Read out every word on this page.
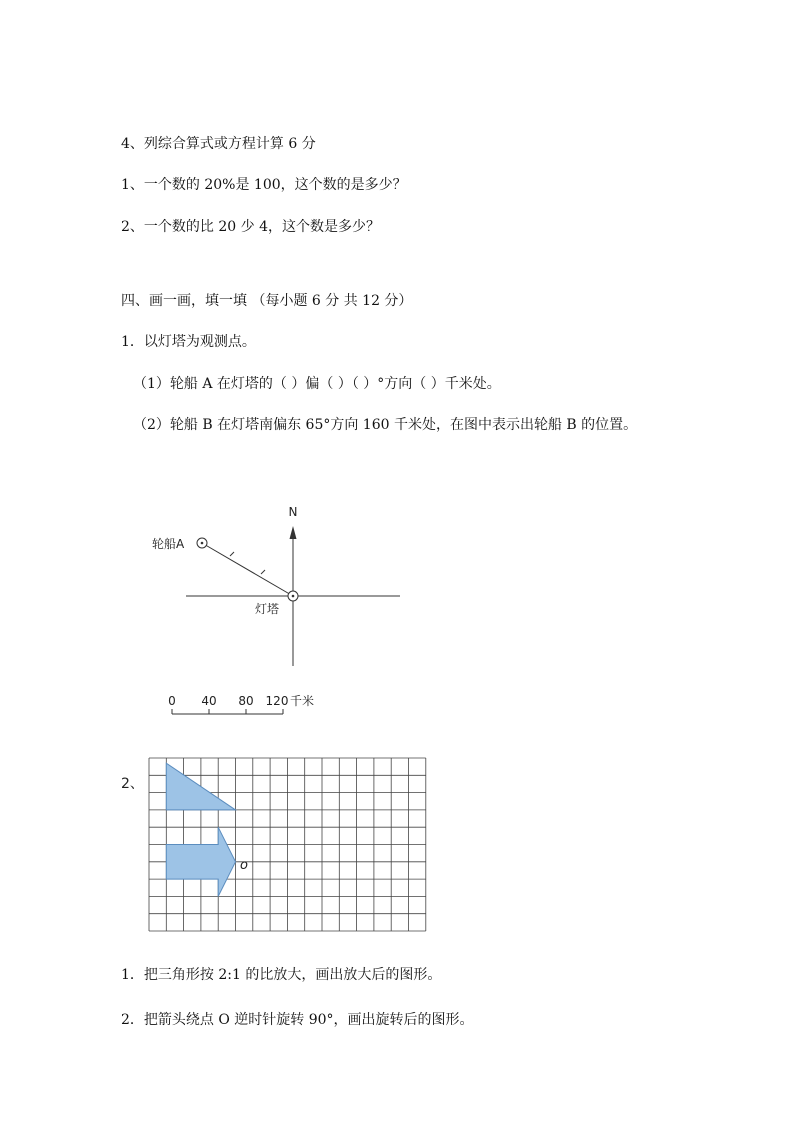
4、列综合算式或方程计算 6 分
1、一个数的 20%是 100，这个数的是多少？
2、一个数的比 20 少 4，这个数是多少？
四、画一画，填一填 （每小题 6 分 共 12 分）
1．以灯塔为观测点。
（1）轮船 A 在灯塔的（ ）偏（ ）（ ）°方向（ ）千米处。
（2）轮船 B 在灯塔南偏东 65°方向 160 千米处，在图中表示出轮船 B 的位置。
N
轮船A
灯塔
0 40 80 120 千米
2、
o
1．把三角形按 2:1 的比放大，画出放大后的图形。
2．把箭头绕点 O 逆时针旋转 90°，画出旋转后的图形。
